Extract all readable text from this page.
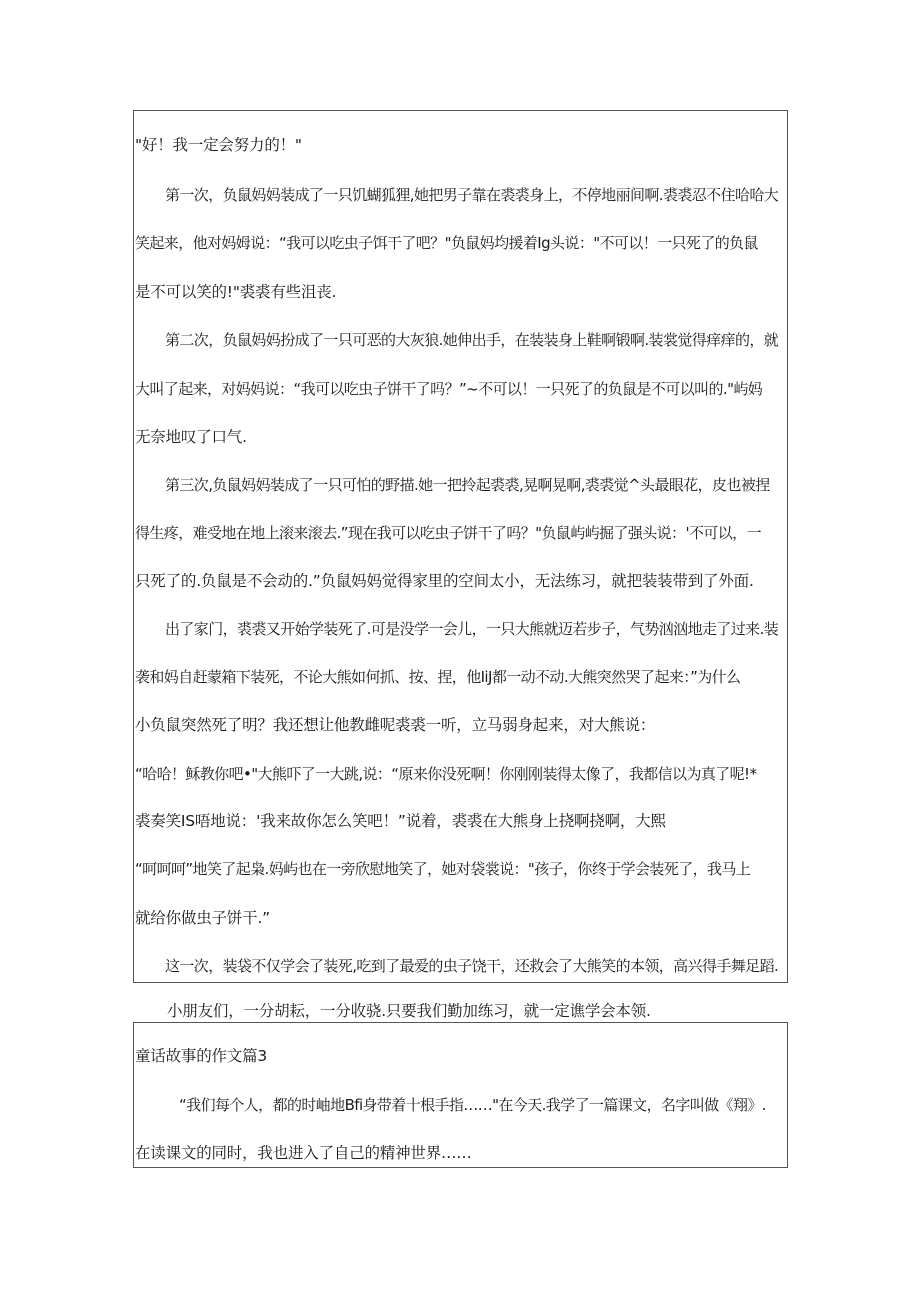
"好！我一定会努力的！"
第一次，负鼠妈妈装成了一只饥蝴狐狸,她把男子靠在裘裘身上，不停地丽间啊.裘裘忍不住哈哈大
笑起来，他对妈姆说：“我可以吃虫子饵干了吧？"负鼠妈均援着Ig头说："不可以！一只死了的负鼠
是不可以笑的!"裘裘有些沮丧.
第二次，负鼠妈妈扮成了一只可恶的大灰狼.她伸出手，在装装身上鞋啊锻啊.装裳觉得痒痒的，就
大叫了起来，对妈妈说：“我可以吃虫子饼干了吗？”~不可以！一只死了的负鼠是不可以叫的."屿妈
无奈地叹了口气.
第三次,负鼠妈妈装成了一只可怕的野描.她一把拎起裘裘,晃啊晃啊,裘裘觉^头最眼花，皮也被捏
得生疼，难受地在地上滚来滚去.”现在我可以吃虫子饼干了吗？"负鼠屿屿掘了强头说：'不可以，一
只死了的.负鼠是不会动的.”负鼠妈妈觉得家里的空间太小，无法练习，就把装装带到了外面.
出了家门，裘裘又开始学装死了.可是没学一会儿，一只大熊就迈若步子，气势汹汹地走了过来.装
袭和妈自赶蒙箱下装死，不论大熊如何抓、按、捏，他IiJ都一动不动.大熊突然哭了起来：”为什么
小负鼠突然死了明？我还想让他教雌呢裘裘一听，立马弱身起来，对大熊说：
“哈哈！稣教你吧•"大熊吓了一大跳,说：“原来你没死啊！你刚刚装得太像了，我都信以为真了呢!*
裘奏笑IS唔地说：'我来故你怎么笑吧！”说着，裘裘在大熊身上挠啊挠啊，大熙
“呵呵呵”地笑了起枭.妈屿也在一旁欣慰地笑了，她对袋裳说："孩子，你终于学会装死了，我马上
就给你做虫子饼干.”
这一次，装袋不仅学会了装死,吃到了最爱的虫子饶干，还救会了大熊笑的本领，高兴得手舞足蹈.
小朋友们，一分胡耘，一分收骁.只要我们勤加练习，就一定谯学会本领.
童话故事的作文篇3
“我们每个人，都的时岫地Bfi身带着十根手指……"在今天.我学了一篇课文，名字叫做《翔》.
在读课文的同时，我也进入了自己的精神世界……
